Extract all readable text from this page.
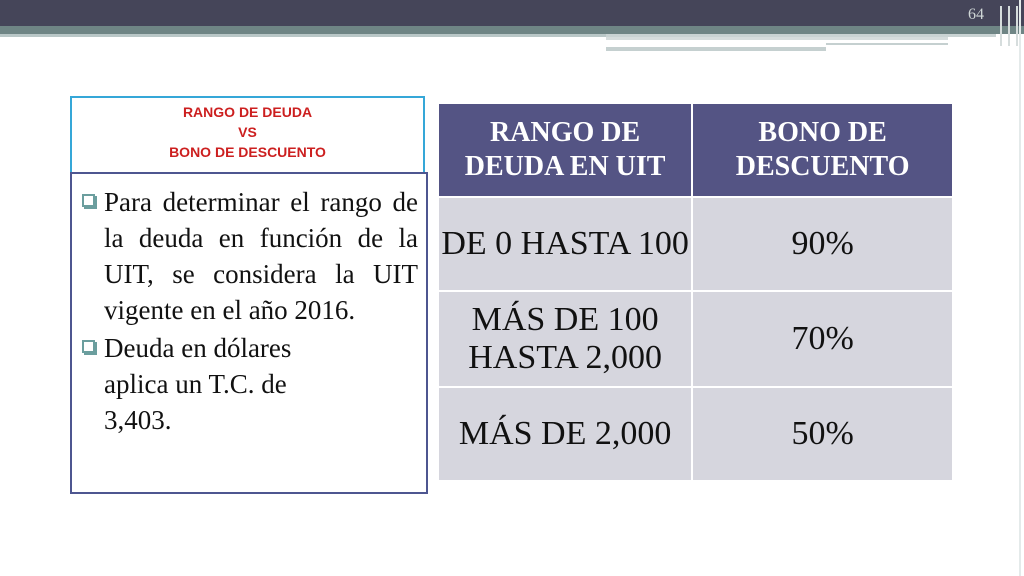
64
RANGO DE DEUDA
VS
BONO DE DESCUENTO
Para determinar el rango de la deuda en función de la UIT, se considera la UIT vigente en el año 2016.
Deuda en dólares aplica un T.C. de 3,403.
RANGO DE DEUDA EN UIT	BONO DE DESCUENTO
DE 0 HASTA 100	90%
MÁS DE 100 HASTA 2,000	70%
MÁS DE 2,000	50%
